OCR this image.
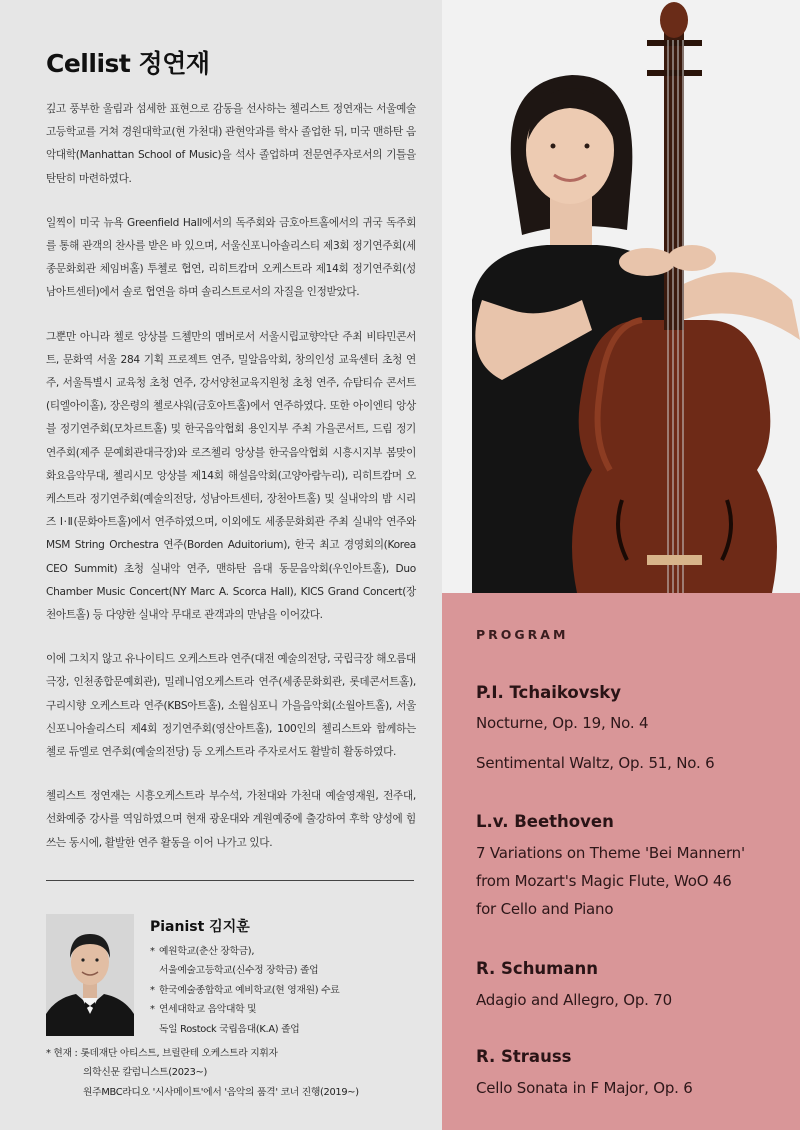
Cellist 정연재

깊고 풍부한 울림과 섬세한 표현으로 감동을 선사하는 첼리스트 정연재는 서울예술고등학교를 거쳐 경원대학교(현 가천대) 관현악과를 학사 졸업한 뒤, 미국 맨하탄 음악대학(Manhattan School of Music)을 석사 졸업하며 전문연주자로서의 기틀을 탄탄히 마련하였다.

일찍이 미국 뉴욕 Greenfield Hall에서의 독주회와 금호아트홀에서의 귀국 독주회를 통해 관객의 찬사를 받은 바 있으며, 서울신포니아솔리스티 제3회 정기연주회(세종문화회관 체임버홀) 투첼로 협연, 리히트캄머 오케스트라 제14회 정기연주회(성남아트센터)에서 솔로 협연을 하며 솔리스트로서의 자질을 인정받았다.

그뿐만 아니라 첼로 앙상블 드첼만의 멤버로서 서울시립교향악단 주최 비타민콘서트, 문화역 서울 284 기획 프로젝트 연주, 밀알음악회, 창의인성 교육센터 초청 연주, 서울특별시 교육청 초청 연주, 강서양천교육지원청 초청 연주, 슈탐티슈 콘서트(티엘아이홀), 장은령의 첼로샤워(금호아트홀)에서 연주하였다. 또한 아이엔티 앙상블 정기연주회(모차르트홀) 및 한국음악협회 용인지부 주최 가을콘서트, 드림 정기연주회(제주 문예회관대극장)와 로즈첼리 앙상블 한국음악협회 시흥시지부 봄맞이 화요음악무대, 첼리시모 앙상블 제14회 해설음악회(고양아람누리), 리히트캄머 오케스트라 정기연주회(예술의전당, 성남아트센터, 장천아트홀) 및 실내악의 밤 시리즈 Ⅰ·Ⅱ(문화아트홀)에서 연주하였으며, 이외에도 세종문화회관 주최 실내악 연주와 MSM String Orchestra 연주(Borden Aduitorium), 한국 최고 경영회의(Korea CEO Summit) 초청 실내악 연주, 맨하탄 음대 동문음악회(우인아트홀), Duo Chamber Music Concert(NY Marc A. Scorca Hall), KICS Grand Concert(장천아트홀) 등 다양한 실내악 무대로 관객과의 만남을 이어갔다.

이에 그치지 않고 유나이티드 오케스트라 연주(대전 예술의전당, 국립극장 해오름대극장, 인천종합문예회관), 밀레니엄오케스트라 연주(세종문화회관, 롯데콘서트홀), 구리시향 오케스트라 연주(KBS아트홀), 소월심포니 가을음악회(소월아트홀), 서울신포니아솔리스티 제4회 정기연주회(영산아트홀), 100인의 첼리스트와 함께하는 첼로 듀엘로 연주회(예술의전당) 등 오케스트라 주자로서도 활발히 활동하였다.

첼리스트 정연재는 시흥오케스트라 부수석, 가천대와 가천대 예술영재원, 전주대, 선화예중 강사를 역임하였으며 현재 광운대와 계원예중에 출강하여 후학 양성에 힘쓰는 동시에, 활발한 연주 활동을 이어 나가고 있다.

Pianist 김지훈
* 예원학교(춘산 장학금),
서울예술고등학교(신수정 장학금) 졸업
* 한국예술종합학교 예비학교(현 영재원) 수료
* 연세대학교 음악대학 및
독일 Rostock 국립음대(K.A) 졸업
* 현재 : 롯데재단 아티스트, 브릴란테 오케스트라 지휘자
의학신문 칼럼니스트(2023~)
원주MBC라디오 '시사메이트'에서 '음악의 품격' 코너 진행(2019~)
PROGRAM
P.I. Tchaikovsky
Nocturne, Op. 19, No. 4
Sentimental Waltz, Op. 51, No. 6
L.v. Beethoven
7 Variations on Theme 'Bei Mannern'
from Mozart's Magic Flute, WoO 46
for Cello and Piano
R. Schumann
Adagio and Allegro, Op. 70
R. Strauss
Cello Sonata in F Major, Op. 6
